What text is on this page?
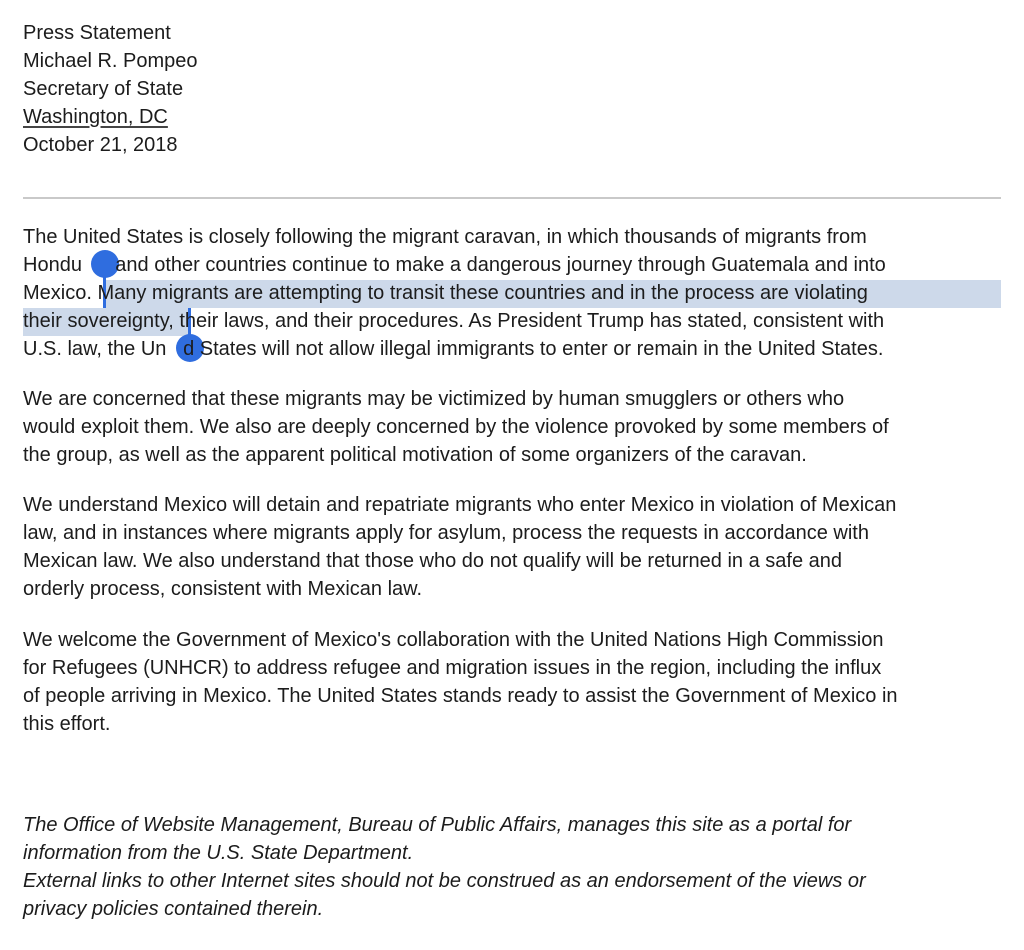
Press Statement
Michael R. Pompeo
Secretary of State
Washington, DC
October 21, 2018
The United States is closely following the migrant caravan, in which thousands of migrants from
Hondu      and other countries continue to make a dangerous journey through Guatemala and into
Mexico. Many migrants are attempting to transit these countries and in the process are violating
their sovereignty, their laws, and their procedures. As President Trump has stated, consistent with
U.S. law, the Un   d States will not allow illegal immigrants to enter or remain in the United States.
We are concerned that these migrants may be victimized by human smugglers or others who
would exploit them. We also are deeply concerned by the violence provoked by some members of
the group, as well as the apparent political motivation of some organizers of the caravan.
We understand Mexico will detain and repatriate migrants who enter Mexico in violation of Mexican
law, and in instances where migrants apply for asylum, process the requests in accordance with
Mexican law. We also understand that those who do not qualify will be returned in a safe and
orderly process, consistent with Mexican law.
We welcome the Government of Mexico's collaboration with the United Nations High Commission
for Refugees (UNHCR) to address refugee and migration issues in the region, including the influx
of people arriving in Mexico. The United States stands ready to assist the Government of Mexico in
this effort.
The Office of Website Management, Bureau of Public Affairs, manages this site as a portal for
information from the U.S. State Department.
External links to other Internet sites should not be construed as an endorsement of the views or
privacy policies contained therein.
